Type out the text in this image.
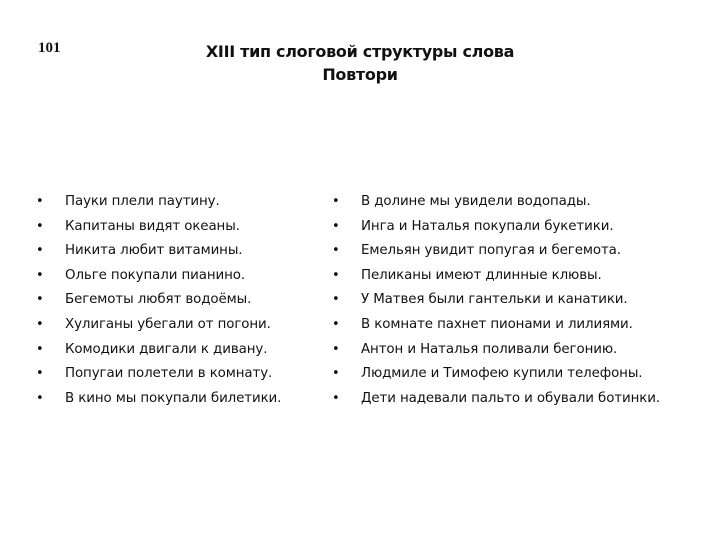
101	XIII тип слоговой структуры слова
Повтори
• Пауки плели паутину.
• Капитаны видят океаны.
• Никита любит витамины.
• Ольге покупали пианино.
• Бегемоты любят водоёмы.
• Хулиганы убегали от погони.
• Комодики двигали к дивану.
• Попугаи полетели в комнату.
• В кино мы покупали билетики.
• В долине мы увидели водопады.
• Инга и Наталья покупали букетики.
• Емельян увидит попугая и бегемота.
• Пеликаны имеют длинные клювы.
• У Матвея были гантельки и канатики.
• В комнате пахнет пионами и лилиями.
• Антон и Наталья поливали бегонию.
• Людмиле и Тимофею купили телефоны.
• Дети надевали пальто и обували ботинки.
